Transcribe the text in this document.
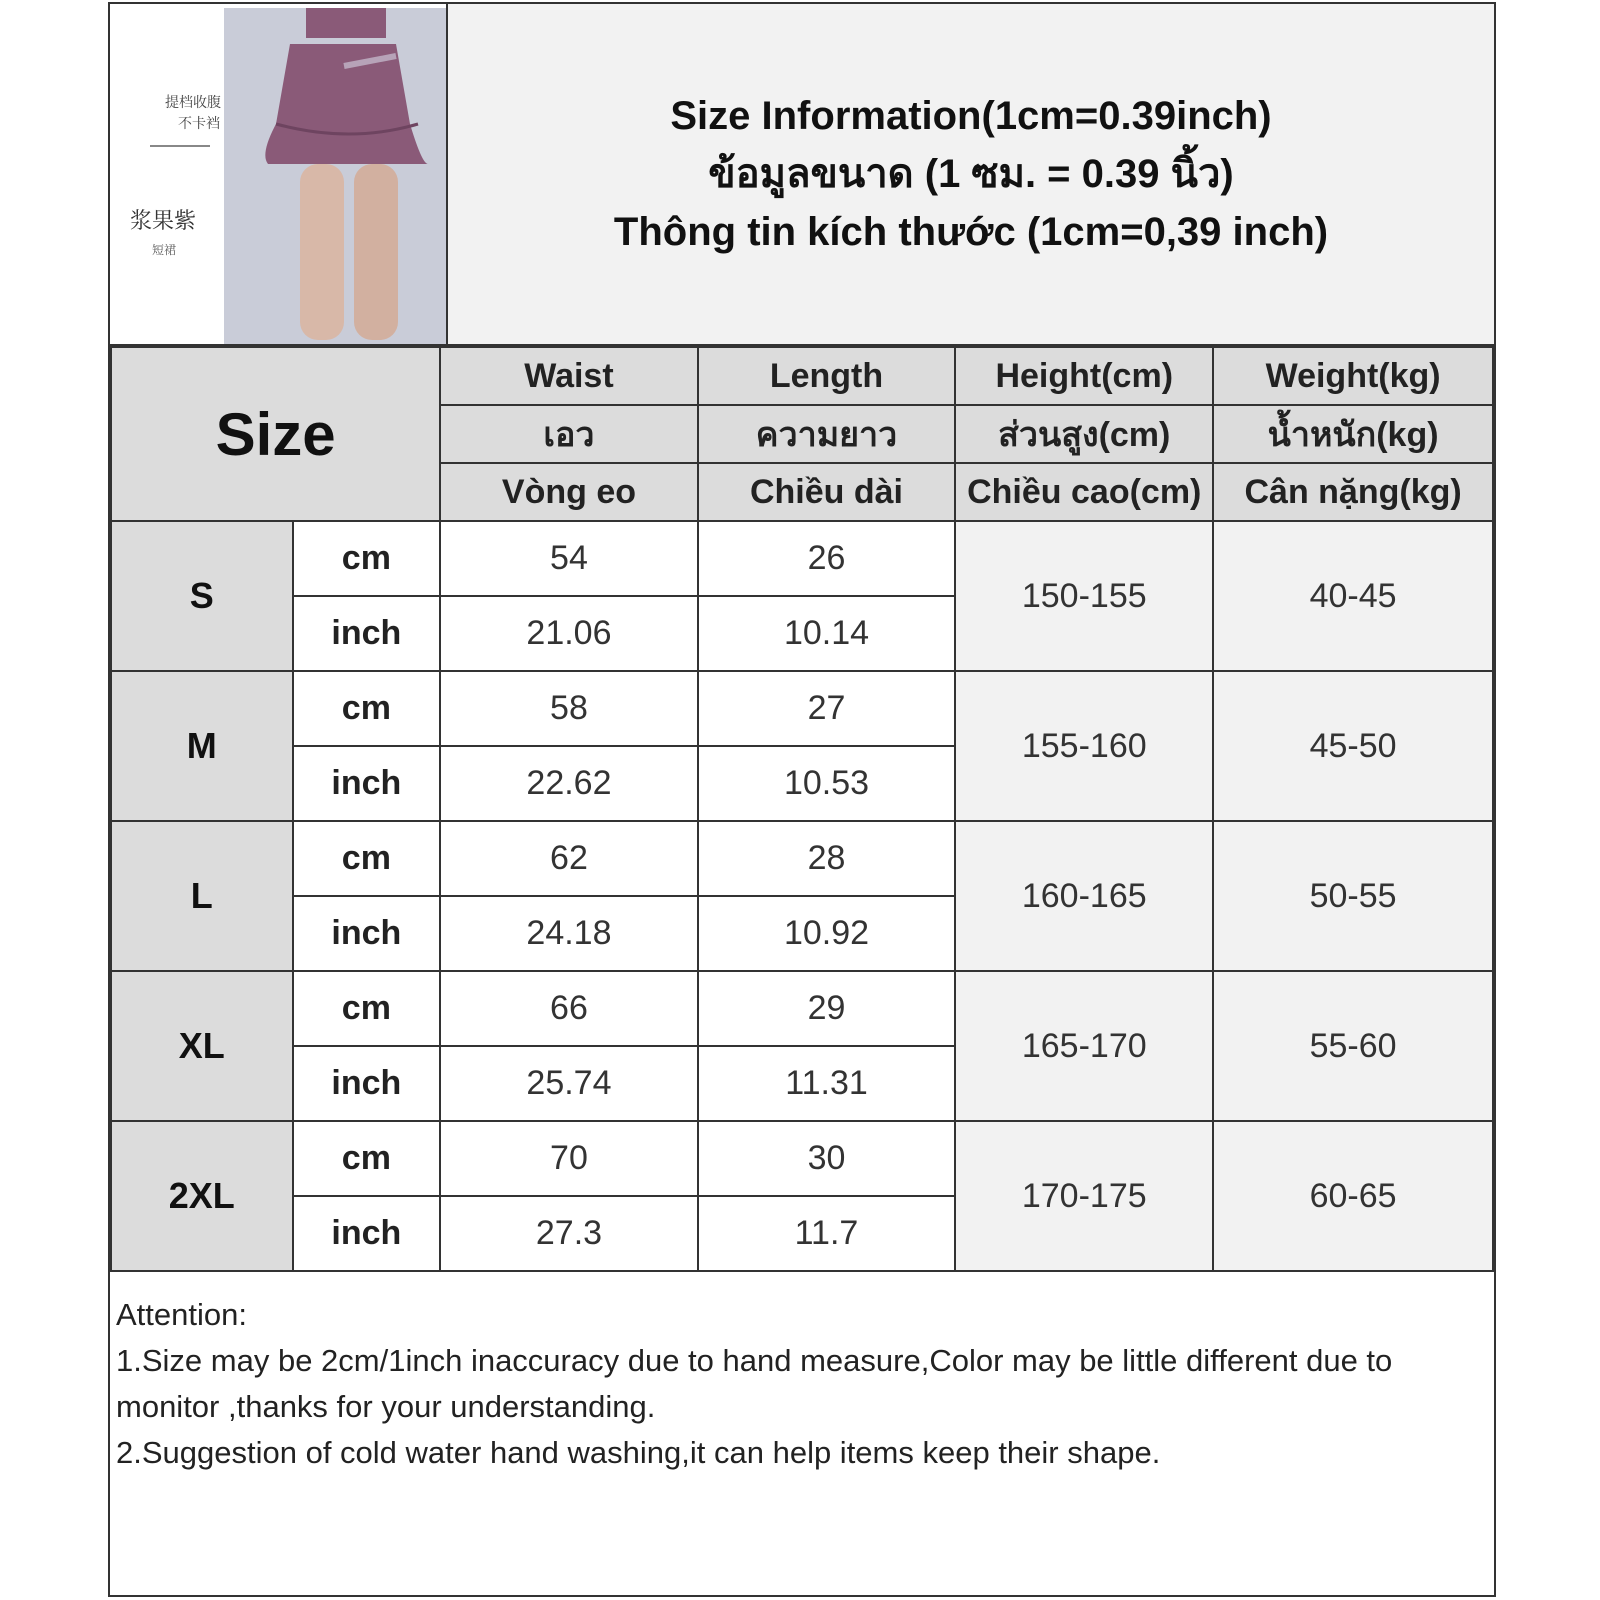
提档收腹
不卡裆
浆果紫
短裙
Size Information(1cm=0.39inch)
ข้อมูลขนาด (1 ซม. = 0.39 นิ้ว)
Thông tin kích thước (1cm=0,39 inch)
Size		Waist	Length	Height(cm)	Weight(kg)
		เอว	ความยาว	ส่วนสูง(cm)	น้ำหนัก(kg)
		Vòng eo	Chiều dài	Chiều cao(cm)	Cân nặng(kg)
S	cm	54	26	150-155	40-45
	inch	21.06	10.14		
M	cm	58	27	155-160	45-50
	inch	22.62	10.53		
L	cm	62	28	160-165	50-55
	inch	24.18	10.92		
XL	cm	66	29	165-170	55-60
	inch	25.74	11.31		
2XL	cm	70	30	170-175	60-65
	inch	27.3	11.7		
Attention:
1.Size may be 2cm/1inch inaccuracy due to hand measure,Color may be little different due to monitor ,thanks for your understanding.
2.Suggestion of cold water hand washing,it can help items keep their shape.
